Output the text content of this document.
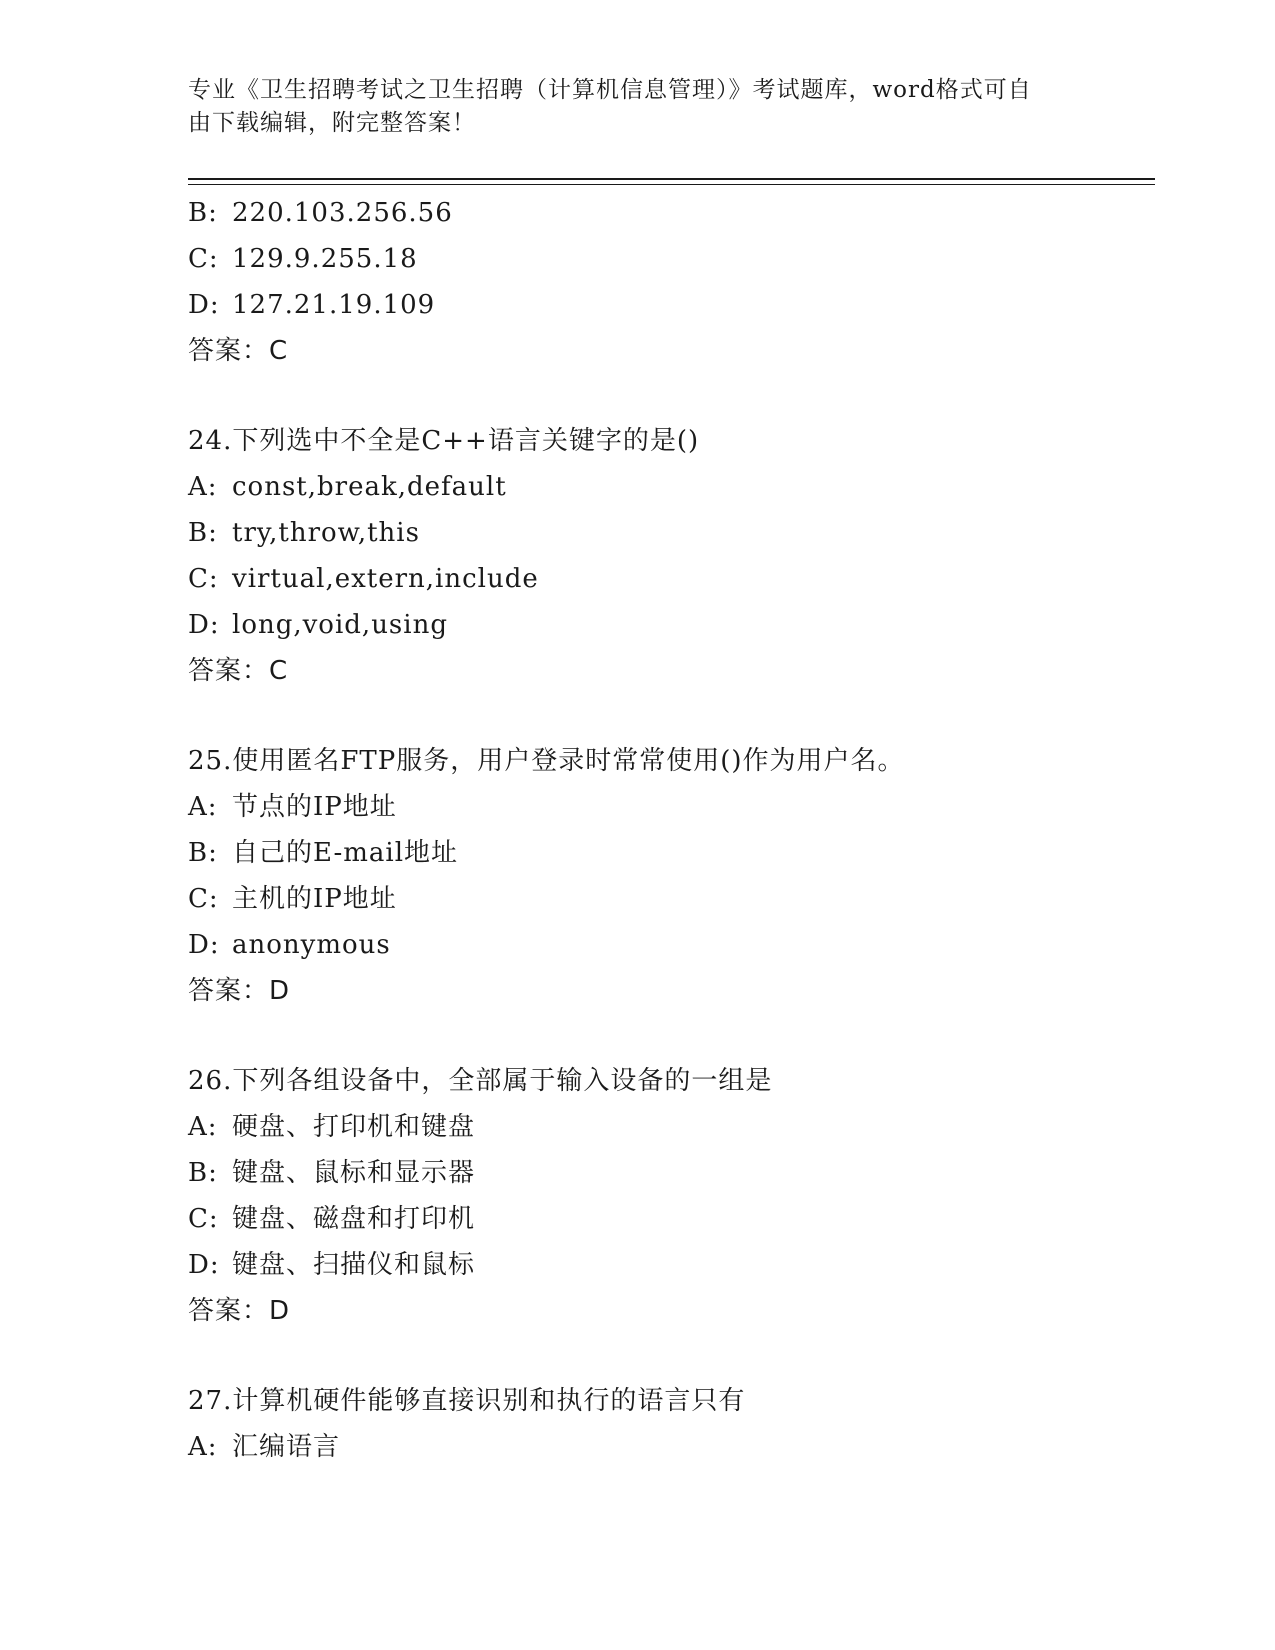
专业《卫生招聘考试之卫生招聘（计算机信息管理）》考试题库，word格式可自

由下载编辑，附完整答案！

B: 220.103.256.56
C: 129.9.255.18
D: 127.21.19.109
答案：C
24.下列选中不全是C++语言关键字的是()
A: const,break,default
B: try,throw,this
C: virtual,extern,include
D: long,void,using
答案：C
25.使用匿名FTP服务，用户登录时常常使用()作为用户名。
A: 节点的IP地址
B: 自己的E-mail地址
C: 主机的IP地址
D: anonymous
答案：D
26.下列各组设备中，全部属于输入设备的一组是
A: 硬盘、打印机和键盘
B: 键盘、鼠标和显示器
C: 键盘、磁盘和打印机
D: 键盘、扫描仪和鼠标
答案：D
27.计算机硬件能够直接识别和执行的语言只有
A: 汇编语言
